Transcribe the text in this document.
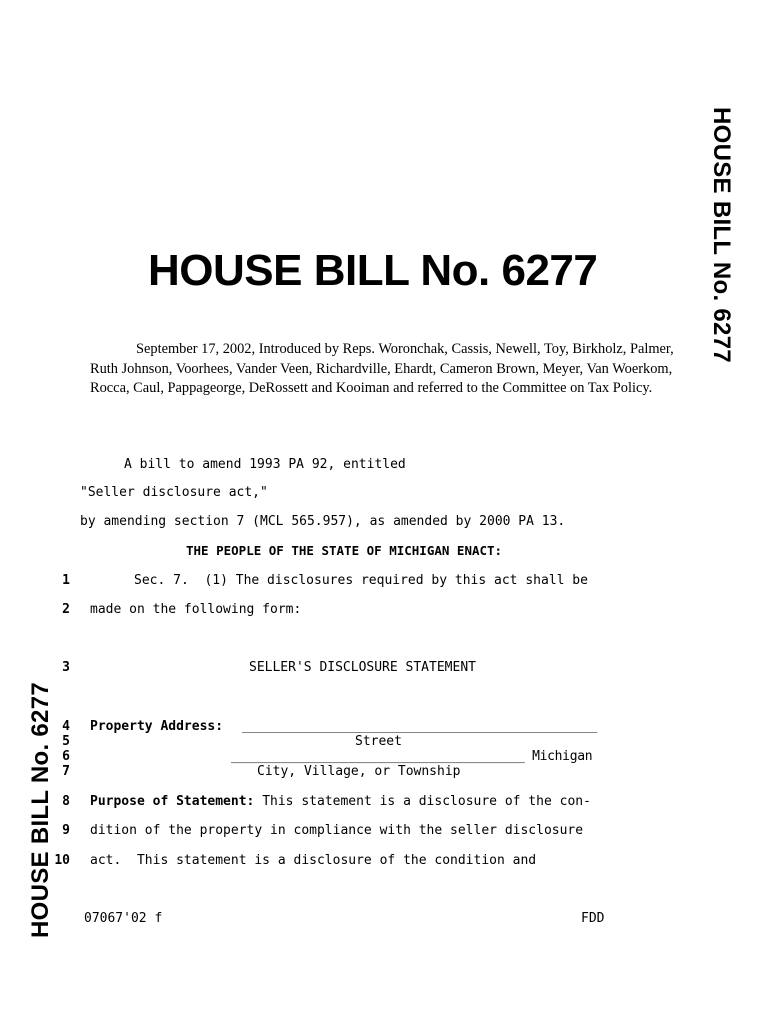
HOUSE BILL No. 6277
HOUSE BILL No. 6277
HOUSE BILL No. 6277
September 17, 2002, Introduced by Reps. Woronchak, Cassis, Newell, Toy, Birkholz, Palmer, Ruth Johnson, Voorhees, Vander Veen, Richardville, Ehardt, Cameron Brown, Meyer, Van Woerkom, Rocca, Caul, Pappageorge, DeRossett and Kooiman and referred to the Committee on Tax Policy.
A bill to amend 1993 PA 92, entitled
"Seller disclosure act,"
by amending section 7 (MCL 565.957), as amended by 2000 PA 13.
THE PEOPLE OF THE STATE OF MICHIGAN ENACT:
1	Sec. 7.  (1) The disclosures required by this act shall be
2 made on the following form:
3	SELLER'S DISCLOSURE STATEMENT
4 Property Address: ____________________________________________________
5	Street
6	_______________________________________ Michigan
7	City, Village, or Township
8 Purpose of Statement: This statement is a disclosure of the con-
9 dition of the property in compliance with the seller disclosure
10 act.  This statement is a disclosure of the condition and
07067'02 f	FDD
